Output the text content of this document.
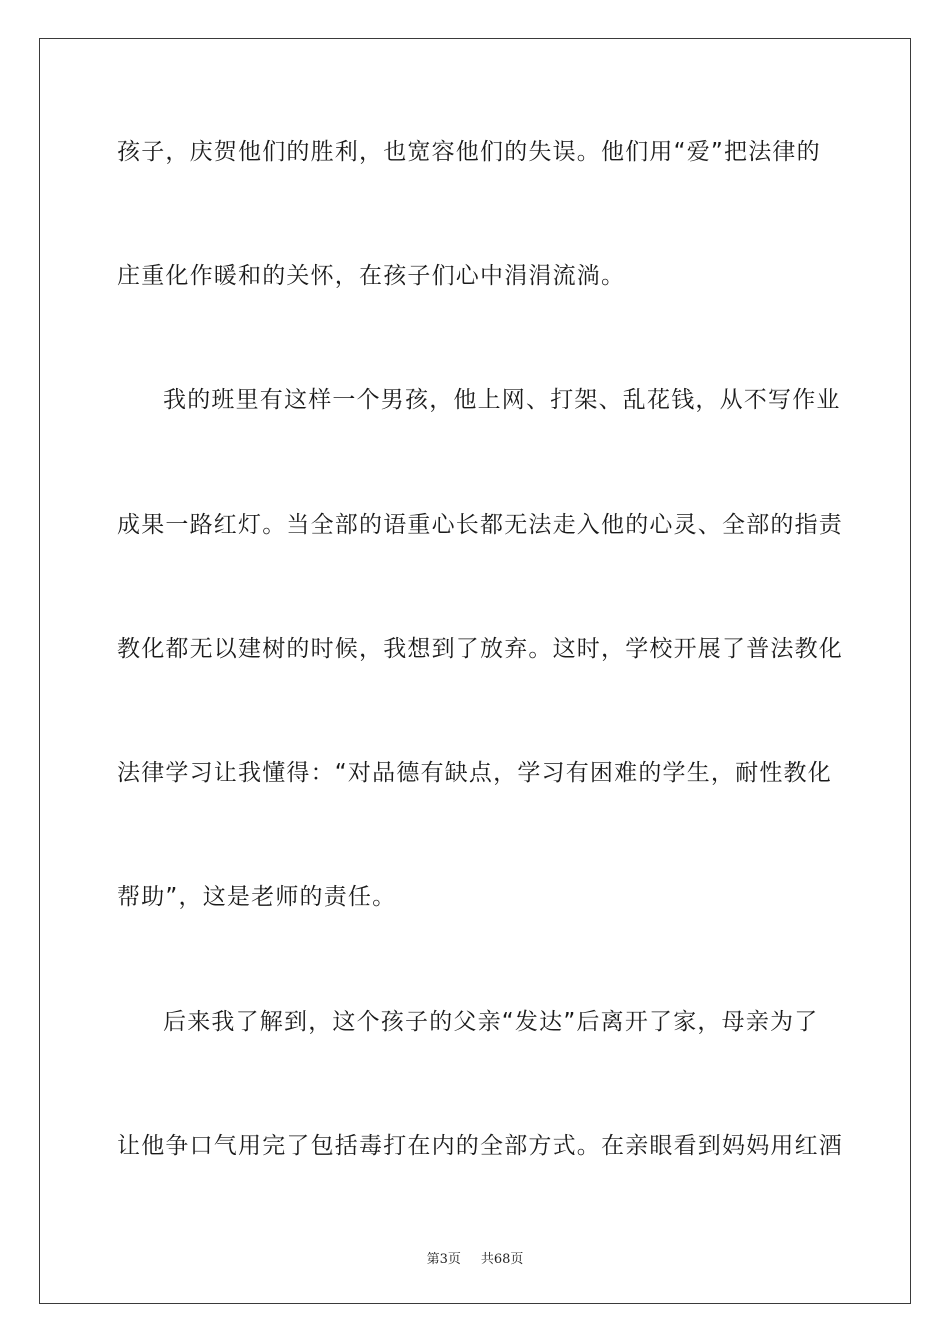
孩子，庆贺他们的胜利，也宽容他们的失误。他们用“爱”把法律的
庄重化作暖和的关怀，在孩子们心中涓涓流淌。
我的班里有这样一个男孩，他上网、打架、乱花钱，从不写作业
成果一路红灯。当全部的语重心长都无法走入他的心灵、全部的指责
教化都无以建树的时候，我想到了放弃。这时，学校开展了普法教化
法律学习让我懂得：“对品德有缺点，学习有困难的学生，耐性教化
帮助”，这是老师的责任。
后来我了解到，这个孩子的父亲“发达”后离开了家，母亲为了
让他争口气用完了包括毒打在内的全部方式。在亲眼看到妈妈用红酒
第3页 共68页
